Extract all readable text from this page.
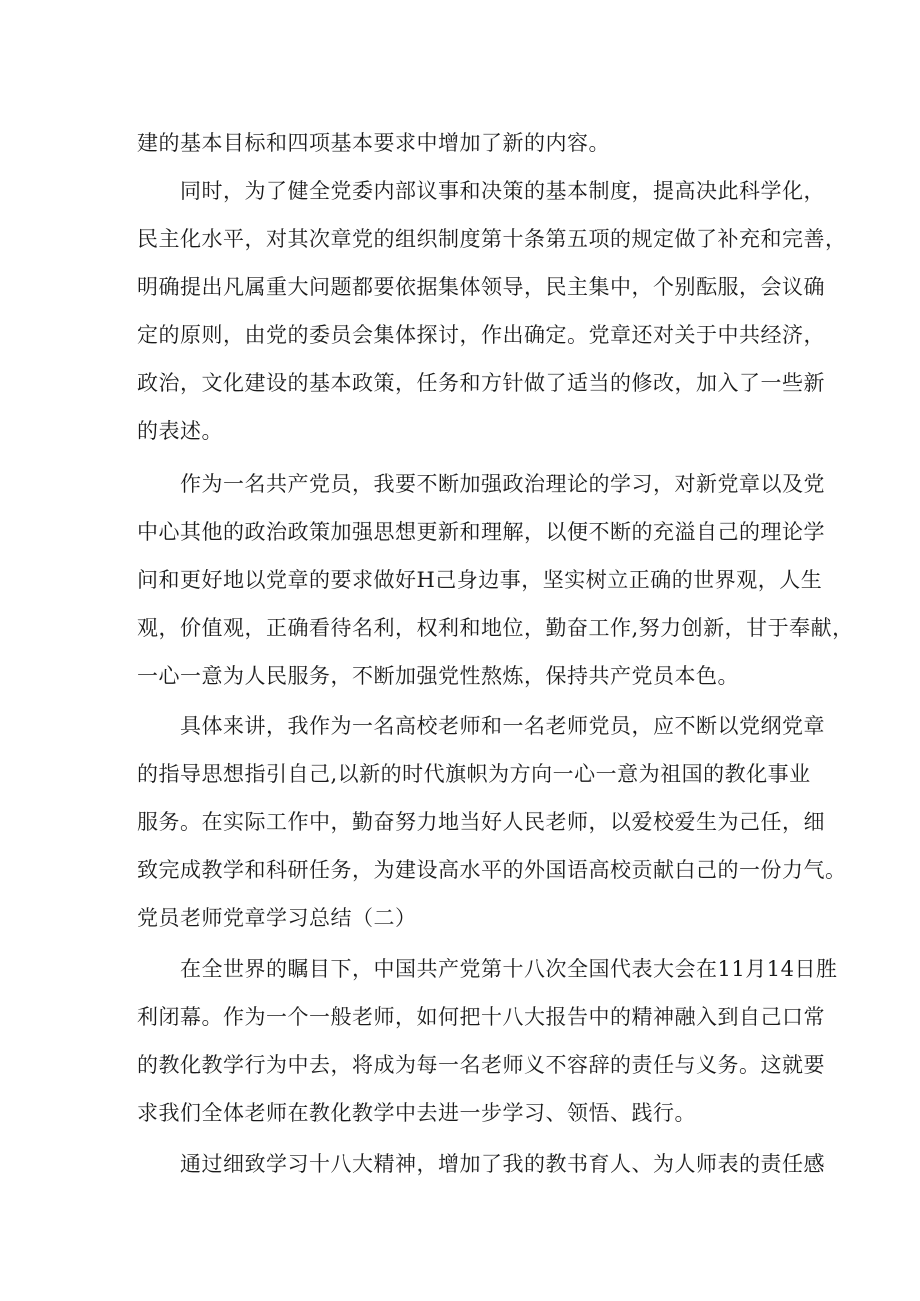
建的基本目标和四项基本要求中增加了新的内容。

同时，为了健全党委内部议事和决策的基本制度，提高决此科学化，

民主化水平，对其次章党的组织制度第十条第五项的规定做了补充和完善，

明确提出凡属重大问题都要依据集体领导，民主集中，个别酝服，会议确

定的原则，由党的委员会集体探讨，作出确定。党章还对关于中共经济，

政治，文化建设的基本政策，任务和方针做了适当的修改，加入了一些新

的表述。

作为一名共产党员，我要不断加强政治理论的学习，对新党章以及党

中心其他的政治政策加强思想更新和理解，以便不断的充溢自己的理论学

问和更好地以党章的要求做好H己身边事，坚实树立正确的世界观，人生

观，价值观，正确看待名利，权利和地位，勤奋工作,努力创新，甘于奉献，

一心一意为人民服务，不断加强党性熬炼，保持共产党员本色。

具体来讲，我作为一名高校老师和一名老师党员，应不断以党纲党章

的指导思想指引自己,以新的时代旗帜为方向一心一意为祖国的教化事业

服务。在实际工作中，勤奋努力地当好人民老师，以爱校爱生为己任，细

致完成教学和科研任务，为建设高水平的外国语高校贡献白己的一份力气。

党员老师党章学习总结（二）

在全世界的瞩目下，中国共产党第十八次全国代表大会在11月14日胜

利闭幕。作为一个一般老师，如何把十八大报告中的精神融入到自己口常

的教化教学行为中去，将成为每一名老师义不容辞的责任与义务。这就要

求我们全体老师在教化教学中去进一步学习、领悟、践行。

通过细致学习十八大精神，增加了我的教书育人、为人师表的责任感
